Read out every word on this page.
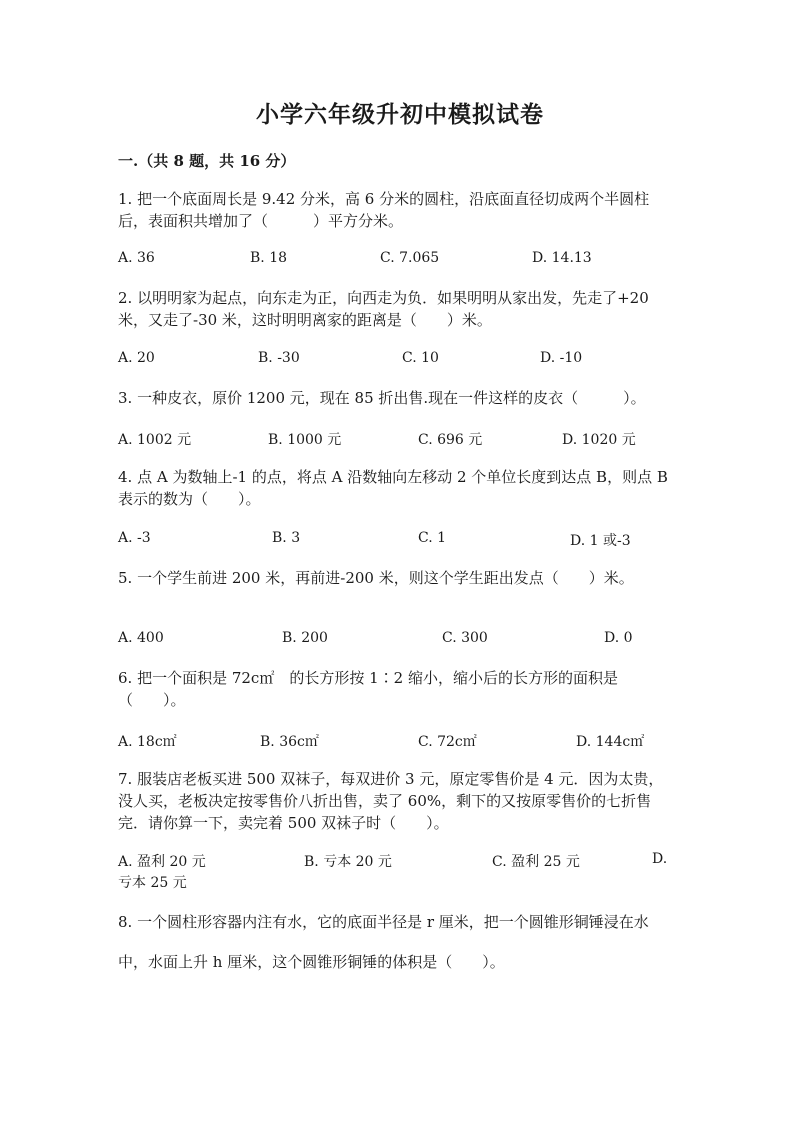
小学六年级升初中模拟试卷
一.（共 8 题，共 16 分）
1. 把一个底面周长是 9.42 分米，高 6 分米的圆柱，沿底面直径切成两个半圆柱后，表面积共增加了（　　　）平方分米。
A. 36	B. 18	C. 7.065	D. 14.13
2. 以明明家为起点，向东走为正，向西走为负．如果明明从家出发，先走了+20 米，又走了-30 米，这时明明离家的距离是（　　）米。
A. 20	B. -30	C. 10	D. -10
3. 一种皮衣，原价 1200 元，现在 85 折出售.现在一件这样的皮衣（　　　）。
A. 1002 元	B. 1000 元	C. 696 元	D. 1020 元
4. 点 A 为数轴上-1 的点，将点 A 沿数轴向左移动 2 个单位长度到达点 B，则点 B 表示的数为（　　）。
A. -3	B. 3	C. 1	D. 1 或-3
5. 一个学生前进 200 米，再前进-200 米，则这个学生距出发点（　　）米。
A. 400	B. 200	C. 300	D. 0
6. 把一个面积是 72c㎡　的长方形按 1∶2 缩小，缩小后的长方形的面积是（　　）。
A. 18c㎡	B. 36c㎡	C. 72c㎡	D. 144c㎡
7. 服装店老板买进 500 双袜子，每双进价 3 元，原定零售价是 4 元．因为太贵，没人买，老板决定按零售价八折出售，卖了 60%，剩下的又按原零售价的七折售完．请你算一下，卖完着 500 双袜子时（　　）。
A. 盈利 20 元	B. 亏本 20 元	C. 盈利 25 元	D.
亏本 25 元
8. 一个圆柱形容器内注有水，它的底面半径是 r 厘米，把一个圆锥形铜锤浸在水中，水面上升 h 厘米，这个圆锥形铜锤的体积是（　　）。
